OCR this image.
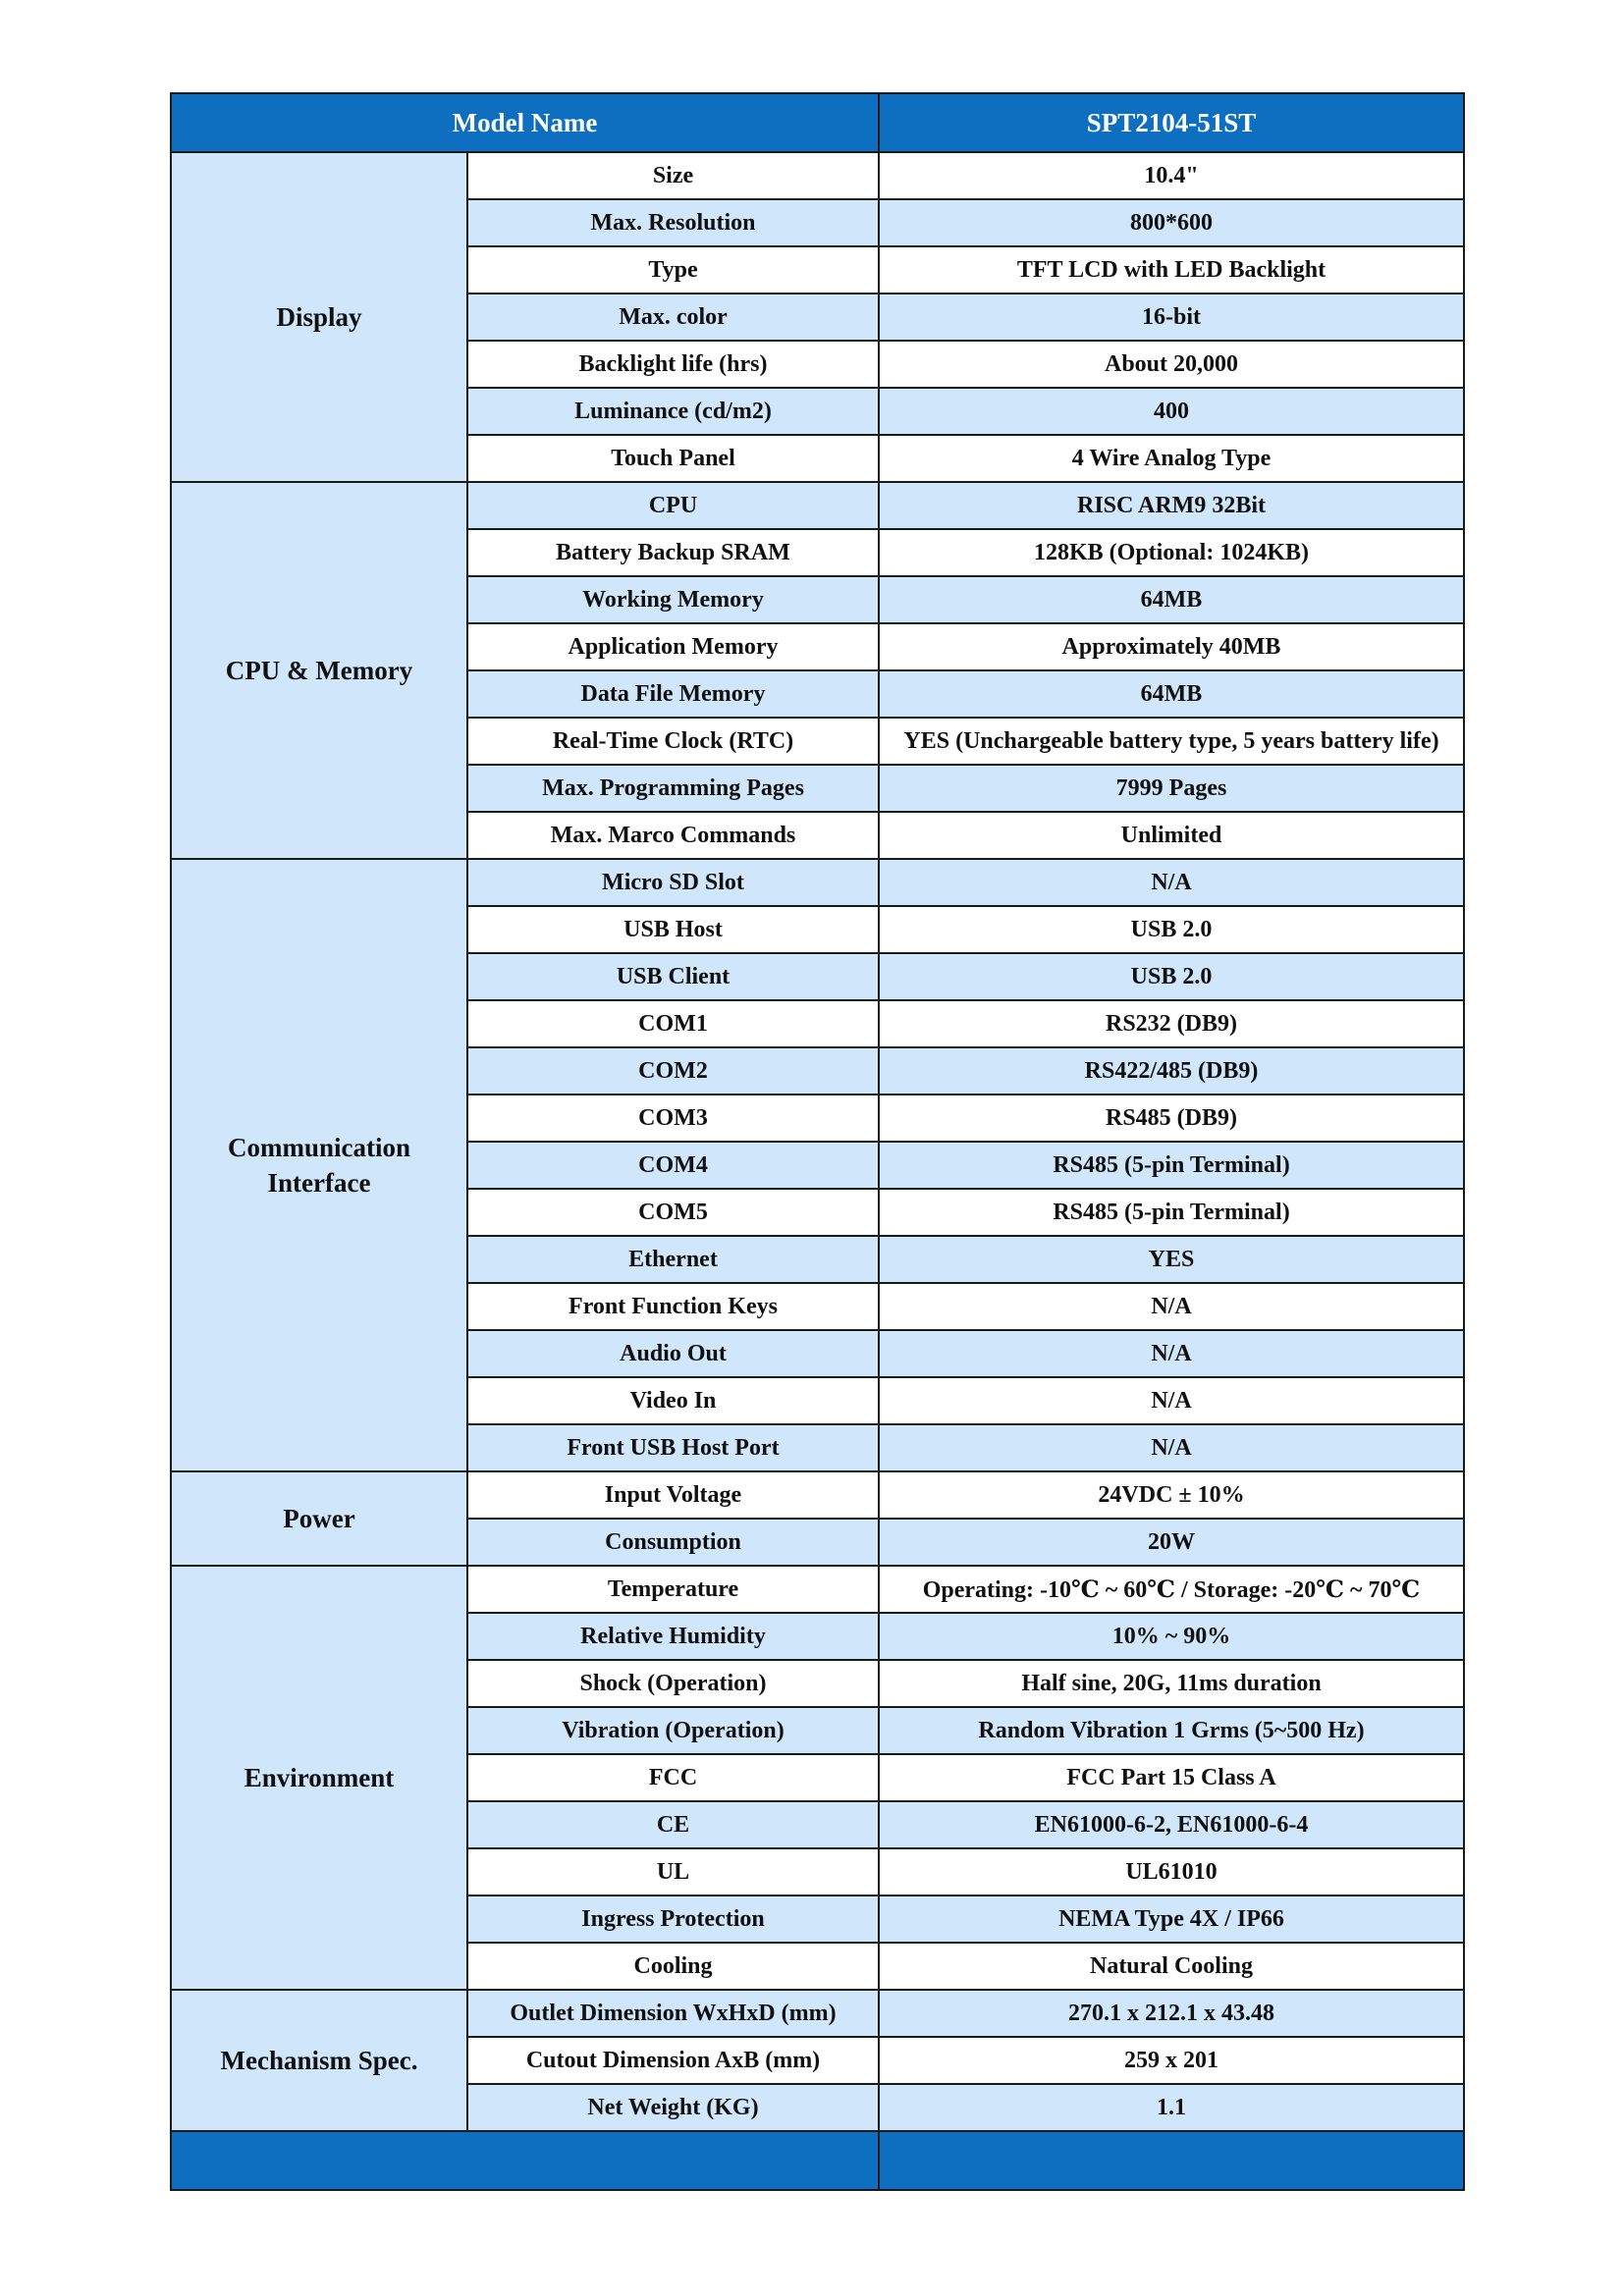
Model Name		SPT2104-51ST
Display	Size	10.4"
	Max. Resolution	800*600
	Type	TFT LCD with LED Backlight
	Max. color	16-bit
	Backlight life (hrs)	About 20,000
	Luminance (cd/m2)	400
	Touch Panel	4 Wire Analog Type
CPU & Memory	CPU	RISC ARM9 32Bit
	Battery Backup SRAM	128KB (Optional: 1024KB)
	Working Memory	64MB
	Application Memory	Approximately 40MB
	Data File Memory	64MB
	Real-Time Clock (RTC)	YES (Unchargeable battery type, 5 years battery life)
	Max. Programming Pages	7999 Pages
	Max. Marco Commands	Unlimited
Communication Interface	Micro SD Slot	N/A
	USB Host	USB 2.0
	USB Client	USB 2.0
	COM1	RS232 (DB9)
	COM2	RS422/485 (DB9)
	COM3	RS485 (DB9)
	COM4	RS485 (5-pin Terminal)
	COM5	RS485 (5-pin Terminal)
	Ethernet	YES
	Front Function Keys	N/A
	Audio Out	N/A
	Video In	N/A
	Front USB Host Port	N/A
Power	Input Voltage	24VDC ± 10%
	Consumption	20W
Environment	Temperature	Operating: -10℃ ~ 60℃ / Storage: -20℃ ~ 70℃
	Relative Humidity	10% ~ 90%
	Shock (Operation)	Half sine, 20G, 11ms duration
	Vibration (Operation)	Random Vibration 1 Grms (5~500 Hz)
	FCC	FCC Part 15 Class A
	CE	EN61000-6-2, EN61000-6-4
	UL	UL61010
	Ingress Protection	NEMA Type 4X / IP66
	Cooling	Natural Cooling
Mechanism Spec.	Outlet Dimension WxHxD (mm)	270.1 x 212.1 x 43.48
	Cutout Dimension AxB (mm)	259 x 201
	Net Weight (KG)	1.1
